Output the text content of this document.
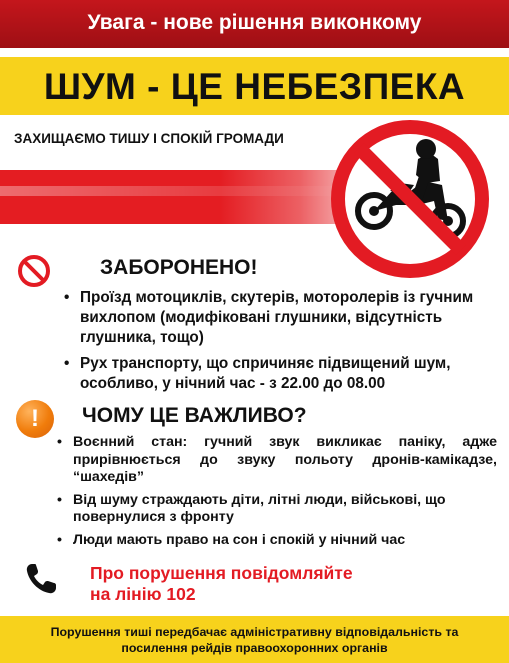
Увага - нове рішення виконкому
ШУМ - ЦЕ НЕБЕЗПЕКА
ЗАХИЩАЄМО ТИШУ І СПОКІЙ ГРОМАДИ
ЗАБОРОНЕНО!
• Проїзд мотоциклів, скутерів, моторолерів із гучним вихлопом (модифіковані глушники, відсутність глушника, тощо)
• Рух транспорту, що спричиняє підвищений шум, особливо, у нічний час - з 22.00 до 08.00
!	ЧОМУ ЦЕ ВАЖЛИВО?
• Воєнний стан: гучний звук викликає паніку, адже прирівнюється до звуку польоту дронів-камікадзе, “шахедів”
• Від шуму страждають діти, літні люди, військові, що повернулися з фронту
• Люди мають право на сон і спокій у нічний час
Про порушення повідомляйте
на лінію 102
Порушення тиші передбачає адміністративну відповідальність та
посилення рейдів правоохоронних органів
